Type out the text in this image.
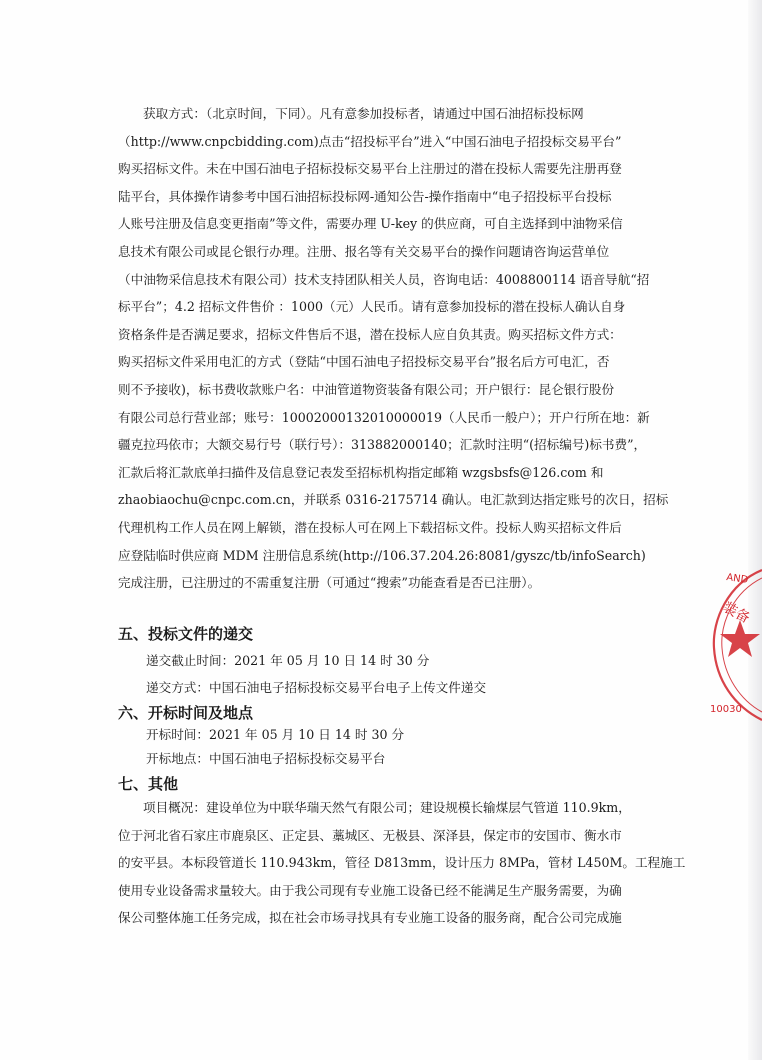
获取方式：（北京时间，下同）。凡有意参加投标者，请通过中国石油招标投标网
（http://www.cnpcbidding.com)点击“招投标平台”进入“中国石油电子招投标交易平台”
购买招标文件。未在中国石油电子招标投标交易平台上注册过的潜在投标人需要先注册再登
陆平台，具体操作请参考中国石油招标投标网-通知公告-操作指南中“电子招投标平台投标
人账号注册及信息变更指南”等文件，需要办理 U-key 的供应商，可自主选择到中油物采信
息技术有限公司或昆仑银行办理。注册、报名等有关交易平台的操作问题请咨询运营单位
（中油物采信息技术有限公司）技术支持团队相关人员，咨询电话：4008800114 语音导航“招
标平台”；4.2 招标文件售价 ：1000（元）人民币。请有意参加投标的潜在投标人确认自身
资格条件是否满足要求，招标文件售后不退，潜在投标人应自负其责。购买招标文件方式：
购买招标文件采用电汇的方式（登陆“中国石油电子招投标交易平台”报名后方可电汇，否
则不予接收)，标书费收款账户名：中油管道物资装备有限公司；开户银行：昆仑银行股份
有限公司总行营业部；账号：10002000132010000019（人民币一般户）；开户行所在地：新
疆克拉玛依市；大额交易行号（联行号）：313882000140；汇款时注明“(招标编号)标书费”，
汇款后将汇款底单扫描件及信息登记表发至招标机构指定邮箱 wzgsbsfs@126.com 和
zhaobiaochu@cnpc.com.cn，并联系 0316-2175714 确认。电汇款到达指定账号的次日，招标
代理机构工作人员在网上解锁，潜在投标人可在网上下载招标文件。投标人购买招标文件后
应登陆临时供应商 MDM 注册信息系统(http://106.37.204.26:8081/gyszc/tb/infoSearch)
完成注册，已注册过的不需重复注册（可通过“搜索”功能查看是否已注册）。
五、投标文件的递交
递交截止时间：2021 年 05 月 10 日 14 时 30 分
递交方式：中国石油电子招标投标交易平台电子上传文件递交
六、开标时间及地点
开标时间：2021 年 05 月 10 日 14 时 30 分
开标地点：中国石油电子招标投标交易平台
七、其他
项目概况：建设单位为中联华瑞天然气有限公司；建设规模长输煤层气管道 110.9km，
位于河北省石家庄市鹿泉区、正定县、藁城区、无极县、深泽县，保定市的安国市、衡水市
的安平县。本标段管道长 110.943km，管径 D813mm，设计压力 8MPa，管材 L450M。工程施工
使用专业设备需求量较大。由于我公司现有专业施工设备已经不能满足生产服务需要，为确
保公司整体施工任务完成，拟在社会市场寻找具有专业施工设备的服务商，配合公司完成施
AND
装备
10030
